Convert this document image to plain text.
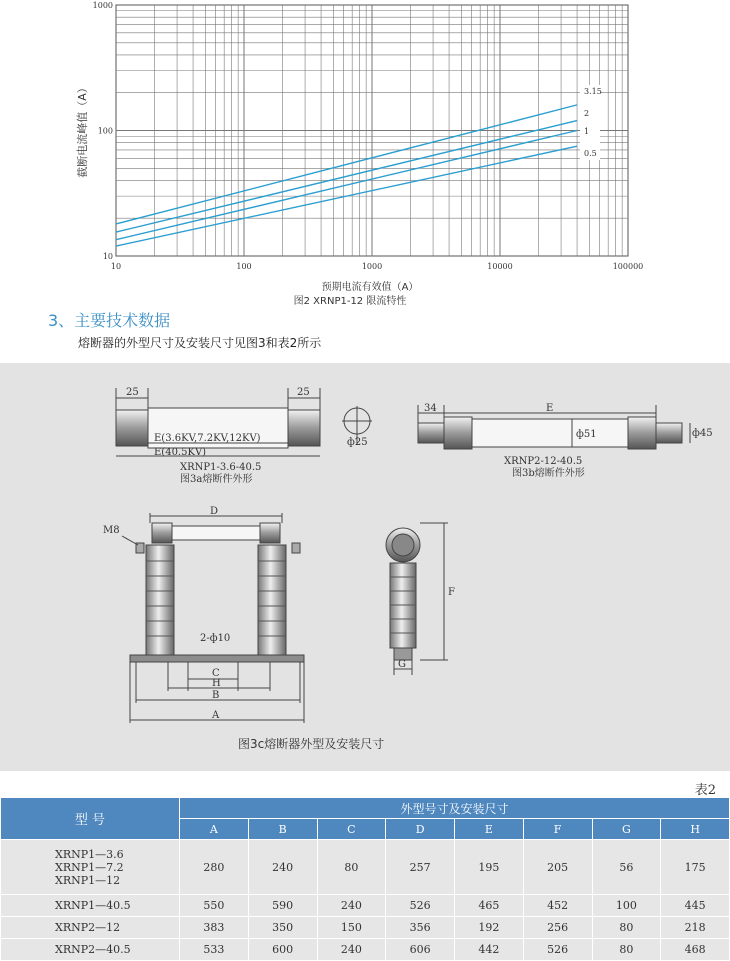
1000
100
10
10	100	1000	10000	100000
3.15
2
1
0.5
截断电流峰值（A）
预期电流有效值（A）
图2 XRNP1-12 限流特性
3、主要技术数据
熔断器的外型尺寸及安装尺寸见图3和表2所示
25	25
E(3.6KV,7.2KV,12KV)
E(40.5KV)
XRNP1-3.6-40.5
图3a熔断件外形
ф25
34	E
ф51	ф45
XRNP2-12-40.5
图3b熔断件外形
D
M8
2-ф10
C
H
B
A
图3c熔断器外型及安装尺寸
G
F
表2
型 号	外型号寸及安装尺寸							
	A	B	C	D	E	F	G	H
XRNP1—3.6
XRNP1—7.2
XRNP1—12	280	240	80	257	195	205	56	175
XRNP1—40.5	550	590	240	526	465	452	100	445
XRNP2—12	383	350	150	356	192	256	80	218
XRNP2—40.5	533	600	240	606	442	526	80	468
